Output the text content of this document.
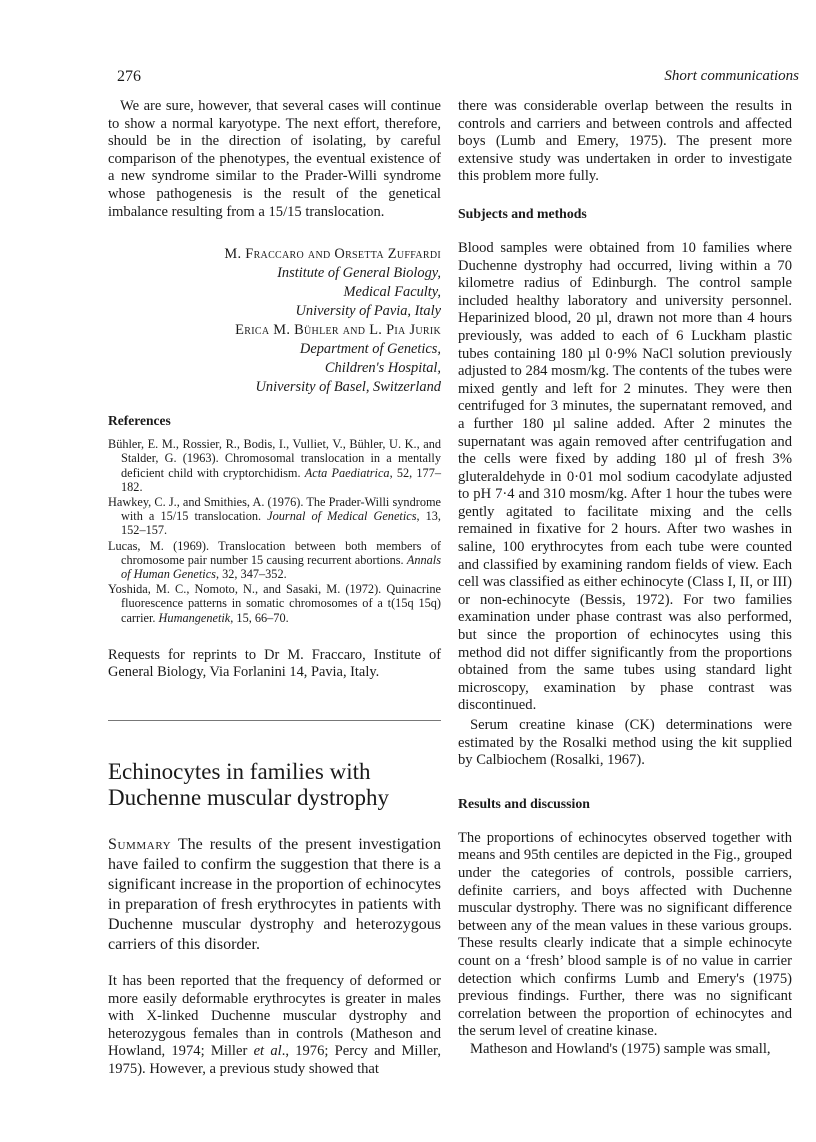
276	Short communications

We are sure, however, that several cases will continue to show a normal karyotype. The next effort, therefore, should be in the direction of isolating, by careful comparison of the phenotypes, the eventual existence of a new syndrome similar to the Prader-Willi syndrome whose pathogenesis is the result of the genetical imbalance resulting from a 15/15 translocation.

M. Fraccaro and Orsetta Zuffardi
Institute of General Biology,
Medical Faculty,
University of Pavia, Italy
Erica M. Bühler and L. Pia Jurik
Department of Genetics,
Children's Hospital,
University of Basel, Switzerland
References

Bühler, E. M., Rossier, R., Bodis, I., Vulliet, V., Bühler, U. K., and Stalder, G. (1963). Chromosomal translocation in a mentally deficient child with cryptorchidism. Acta Paediatrica, 52, 177–182.

Hawkey, C. J., and Smithies, A. (1976). The Prader-Willi syndrome with a 15/15 translocation. Journal of Medical Genetics, 13, 152–157.

Lucas, M. (1969). Translocation between both members of chromosome pair number 15 causing recurrent abortions. Annals of Human Genetics, 32, 347–352.

Yoshida, M. C., Nomoto, N., and Sasaki, M. (1972). Quinacrine fluorescence patterns in somatic chromosomes of a t(15q 15q) carrier. Humangenetik, 15, 66–70.

Requests for reprints to Dr M. Fraccaro, Institute of General Biology, Via Forlanini 14, Pavia, Italy.

Echinocytes in families with Duchenne muscular dystrophy

Summary The results of the present investigation have failed to confirm the suggestion that there is a significant increase in the proportion of echinocytes in preparation of fresh erythrocytes in patients with Duchenne muscular dystrophy and heterozygous carriers of this disorder.

It has been reported that the frequency of deformed or more easily deformable erythrocytes is greater in males with X-linked Duchenne muscular dystrophy and heterozygous females than in controls (Matheson and Howland, 1974; Miller et al., 1976; Percy and Miller, 1975). However, a previous study showed that

there was considerable overlap between the results in controls and carriers and between controls and affected boys (Lumb and Emery, 1975). The present more extensive study was undertaken in order to investigate this problem more fully.

Subjects and methods

Blood samples were obtained from 10 families where Duchenne dystrophy had occurred, living within a 70 kilometre radius of Edinburgh. The control sample included healthy laboratory and university personnel. Heparinized blood, 20 µl, drawn not more than 4 hours previously, was added to each of 6 Luckham plastic tubes containing 180 µl 0·9% NaCl solution previously adjusted to 284 mosm/kg. The contents of the tubes were mixed gently and left for 2 minutes. They were then centrifuged for 3 minutes, the supernatant removed, and a further 180 µl saline added. After 2 minutes the supernatant was again removed after centrifugation and the cells were fixed by adding 180 µl of fresh 3% gluteraldehyde in 0·01 mol sodium cacodylate adjusted to pH 7·4 and 310 mosm/kg. After 1 hour the tubes were gently agitated to facilitate mixing and the cells remained in fixative for 2 hours. After two washes in saline, 100 erythrocytes from each tube were counted and classified by examining random fields of view. Each cell was classified as either echinocyte (Class I, II, or III) or non-echinocyte (Bessis, 1972). For two families examination under phase contrast was also performed, but since the proportion of echinocytes using this method did not differ significantly from the proportions obtained from the same tubes using standard light microscopy, examination by phase contrast was discontinued.

Serum creatine kinase (CK) determinations were estimated by the Rosalki method using the kit supplied by Calbiochem (Rosalki, 1967).

Results and discussion

The proportions of echinocytes observed together with means and 95th centiles are depicted in the Fig., grouped under the categories of controls, possible carriers, definite carriers, and boys affected with Duchenne muscular dystrophy. There was no significant difference between any of the mean values in these various groups. These results clearly indicate that a simple echinocyte count on a ‘fresh’ blood sample is of no value in carrier detection which confirms Lumb and Emery's (1975) previous findings. Further, there was no significant correlation between the proportion of echinocytes and the serum level of creatine kinase.

Matheson and Howland's (1975) sample was small,
